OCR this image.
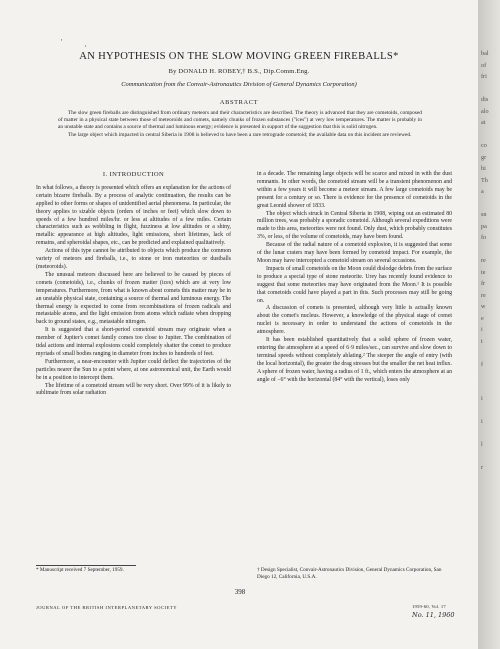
·
·
AN HYPOTHESIS ON THE SLOW MOVING GREEN FIREBALLS*
By DONALD H. ROBEY,† B.S., Dip.Comm.Eng.
Communication from the Convair-Astronautics Division of General Dynamics Corporation)
ABSTRACT

The slow green fireballs are distinguished from ordinary meteors and their characteristics are described. The theory is advanced that they are cometoids, composed of matter in a physical state between those of meteoroids and comets, namely chunks of frozen substances ("ices") at very low temperatures. The matter is probably in an unstable state and contains a source of thermal and luminous energy; evidence is presented in support of the suggestion that this is solid nitrogen.

The large object which impacted in central Siberia in 1908 is believed to have been a rare retrograde cometoid; the available data on this incident are reviewed.

I. INTRODUCTION

In what follows, a theory is presented which offers an explanation for the actions of certain bizarre fireballs. By a process of analytic continuation, the results can be applied to other forms or shapes of unidentified aerial phenomena. In particular, the theory applies to sizable objects (orders of inches or feet) which slow down to speeds of a few hundred miles/hr. or less at altitudes of a few miles. Certain characteristics such as wobbling in flight, fuzziness at low altitudes or a shiny, metallic appearance at high altitudes, light emissions, short lifetimes, lack of remains, and spheroidal shapes, etc., can be predicted and explained qualitatively.

Actions of this type cannot be attributed to objects which produce the common variety of meteors and fireballs, i.e., to stone or iron meteorites or dustballs (meteoroids).

The unusual meteors discussed here are believed to be caused by pieces of comets (cometoids), i.e., chunks of frozen matter (ices) which are at very low temperatures. Furthermore, from what is known about comets this matter may be in an unstable physical state, containing a source of thermal and luminous energy. The thermal energy is expected to come from recombinations of frozen radicals and metastable atoms, and the light emission from atoms which radiate when dropping back to ground states, e.g., metastable nitrogen.

It is suggested that a short-period cometoid stream may originate when a member of Jupiter's comet family comes too close to Jupiter. The combination of tidal actions and internal explosions could completely shatter the comet to produce myriads of small bodies ranging in diameter from inches to hundreds of feet.

Furthermore, a near-encounter with Jupiter could deflect the trajectories of the particles nearer the Sun to a point where, at one astronomical unit, the Earth would be in a position to intercept them.

The lifetime of a cometoid stream will be very short. Over 99% of it is likely to sublimate from solar radiation

in a decade. The remaining large objects will be scarce and mixed in with the dust remnants. In other words, the cometoid stream will be a transient phenomenon and within a few years it will become a meteor stream. A few large cometoids may be present for a century or so. There is evidence for the presence of cometoids in the great Leonid shower of 1833.

The object which struck in Central Siberia in 1908, wiping out an estimated 80 million trees, was probably a sporadic cometoid. Although several expeditions were made to this area, meteorites were not found. Only dust, which probably constitutes 3%, or less, of the volume of cometoids, may have been found.

Because of the radial nature of a cometoid explosion, it is suggested that some of the lunar craters may have been formed by cometoid impact. For example, the Moon may have intercepted a cometoid stream on several occasions.

Impacts of small cometoids on the Moon could dislodge debris from the surface to produce a special type of stone meteorite. Urey has recently found evidence to suggest that some meteorites may have originated from the Moon.¹ It is possible that cometoids could have played a part in this. Such processes may still be going on.

A discussion of comets is presented, although very little is actually known about the comet's nucleus. However, a knowledge of the physical stage of comet nuclei is necessary in order to understand the actions of cometoids in the atmosphere.

It has been established quantitatively that a solid sphere of frozen water, entering the atmosphere at a speed of 6·9 miles/sec., can survive and slow down to terminal speeds without completely ablating.² The steeper the angle of entry (with the local horizontal), the greater the drag stresses but the smaller the net heat influx. A sphere of frozen water, having a radius of 1 ft., which enters the atmosphere at an angle of −6° with the horizontal (84° with the vertical), loses only

* Manuscript received 7 September, 1959.	† Design Specialist, Convair-Astronautics Division, General Dynamics Corporation, San Diego 12, California, U.S.A.
398
JOURNAL OF THE BRITISH INTERPLANETARY SOCIETY	1959-60, Vol. 17
No. 11, 1960
bal
of
fri

dis
alo
at

co
gr
hi
Th
a

sn
pa
fo

re
te
fr
re
w
e
i
t

f

i

i

l

r
